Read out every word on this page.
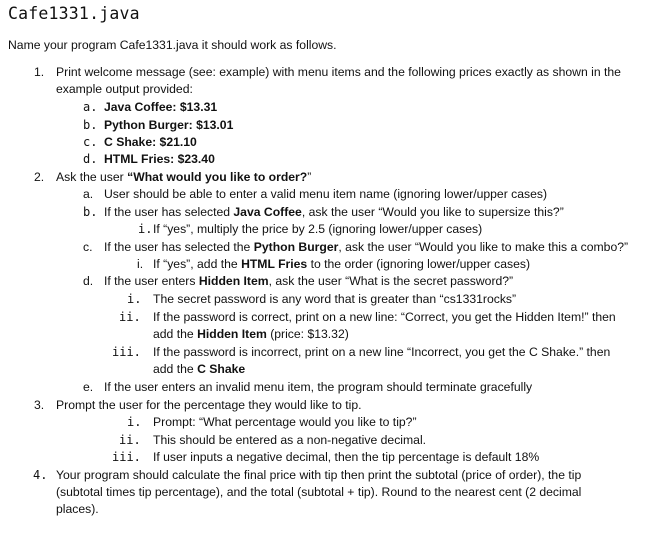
Cafe1331.java
Name your program Cafe1331.java it should work as follows.
1. Print welcome message (see: example) with menu items and the following prices exactly as shown in the
example output provided:
a. Java Coffee: $13.31
b. Python Burger: $13.01
c. C Shake: $21.10
d. HTML Fries: $23.40
2. Ask the user “What would you like to order?”
a. User should be able to enter a valid menu item name (ignoring lower/upper cases)
b. If the user has selected Java Coffee, ask the user “Would you like to supersize this?”
i. If “yes”, multiply the price by 2.5 (ignoring lower/upper cases)
c. If the user has selected the Python Burger, ask the user “Would you like to make this a combo?”
i. If “yes”, add the HTML Fries to the order (ignoring lower/upper cases)
d. If the user enters Hidden Item, ask the user “What is the secret password?”
i. The secret password is any word that is greater than “cs1331rocks”
ii. If the password is correct, print on a new line: “Correct, you get the Hidden Item!” then
add the Hidden Item (price: $13.32)
iii. If the password is incorrect, print on a new line “Incorrect, you get the C Shake.” then
add the C Shake
e. If the user enters an invalid menu item, the program should terminate gracefully
3. Prompt the user for the percentage they would like to tip.
i. Prompt: “What percentage would you like to tip?”
ii. This should be entered as a non-negative decimal.
iii. If user inputs a negative decimal, then the tip percentage is default 18%
4. Your program should calculate the final price with tip then print the subtotal (price of order), the tip
(subtotal times tip percentage), and the total (subtotal + tip). Round to the nearest cent (2 decimal
places).
